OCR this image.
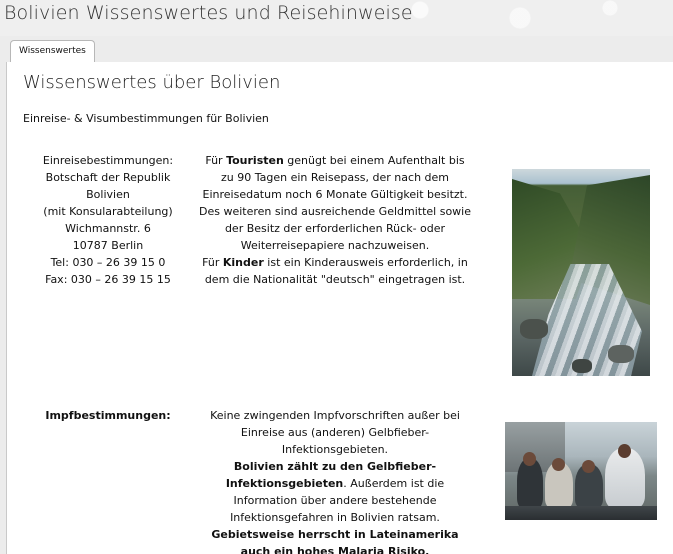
Bolivien Wissenswertes und Reisehinweise
Wissenswertes
Wissenswertes über Bolivien
Einreise- & Visumbestimmungen für Bolivien
Einreisebestimmungen:
Botschaft der Republik
Bolivien
(mit Konsularabteilung)
Wichmannstr. 6
10787 Berlin
Tel: 030 – 26 39 15 0
Fax: 030 – 26 39 15 15
Für Touristen genügt bei einem Aufenthalt bis
zu 90 Tagen ein Reisepass, der nach dem
Einreisedatum noch 6 Monate Gültigkeit besitzt.
Des weiteren sind ausreichende Geldmittel sowie
der Besitz der erforderlichen Rück- oder
Weiterreisepapiere nachzuweisen.
Für Kinder ist ein Kinderausweis erforderlich, in
dem die Nationalität "deutsch" eingetragen ist.
Impfbestimmungen:	Keine zwingenden Impfvorschriften außer bei
Einreise aus (anderen) Gelbfieber-
Infektionsgebieten.
Bolivien zählt zu den Gelbfieber-
Infektionsgebieten. Außerdem ist die
Information über andere bestehende
Infektionsgefahren in Bolivien ratsam.
Gebietsweise herrscht in Lateinamerika
auch ein hohes Malaria Risiko.
